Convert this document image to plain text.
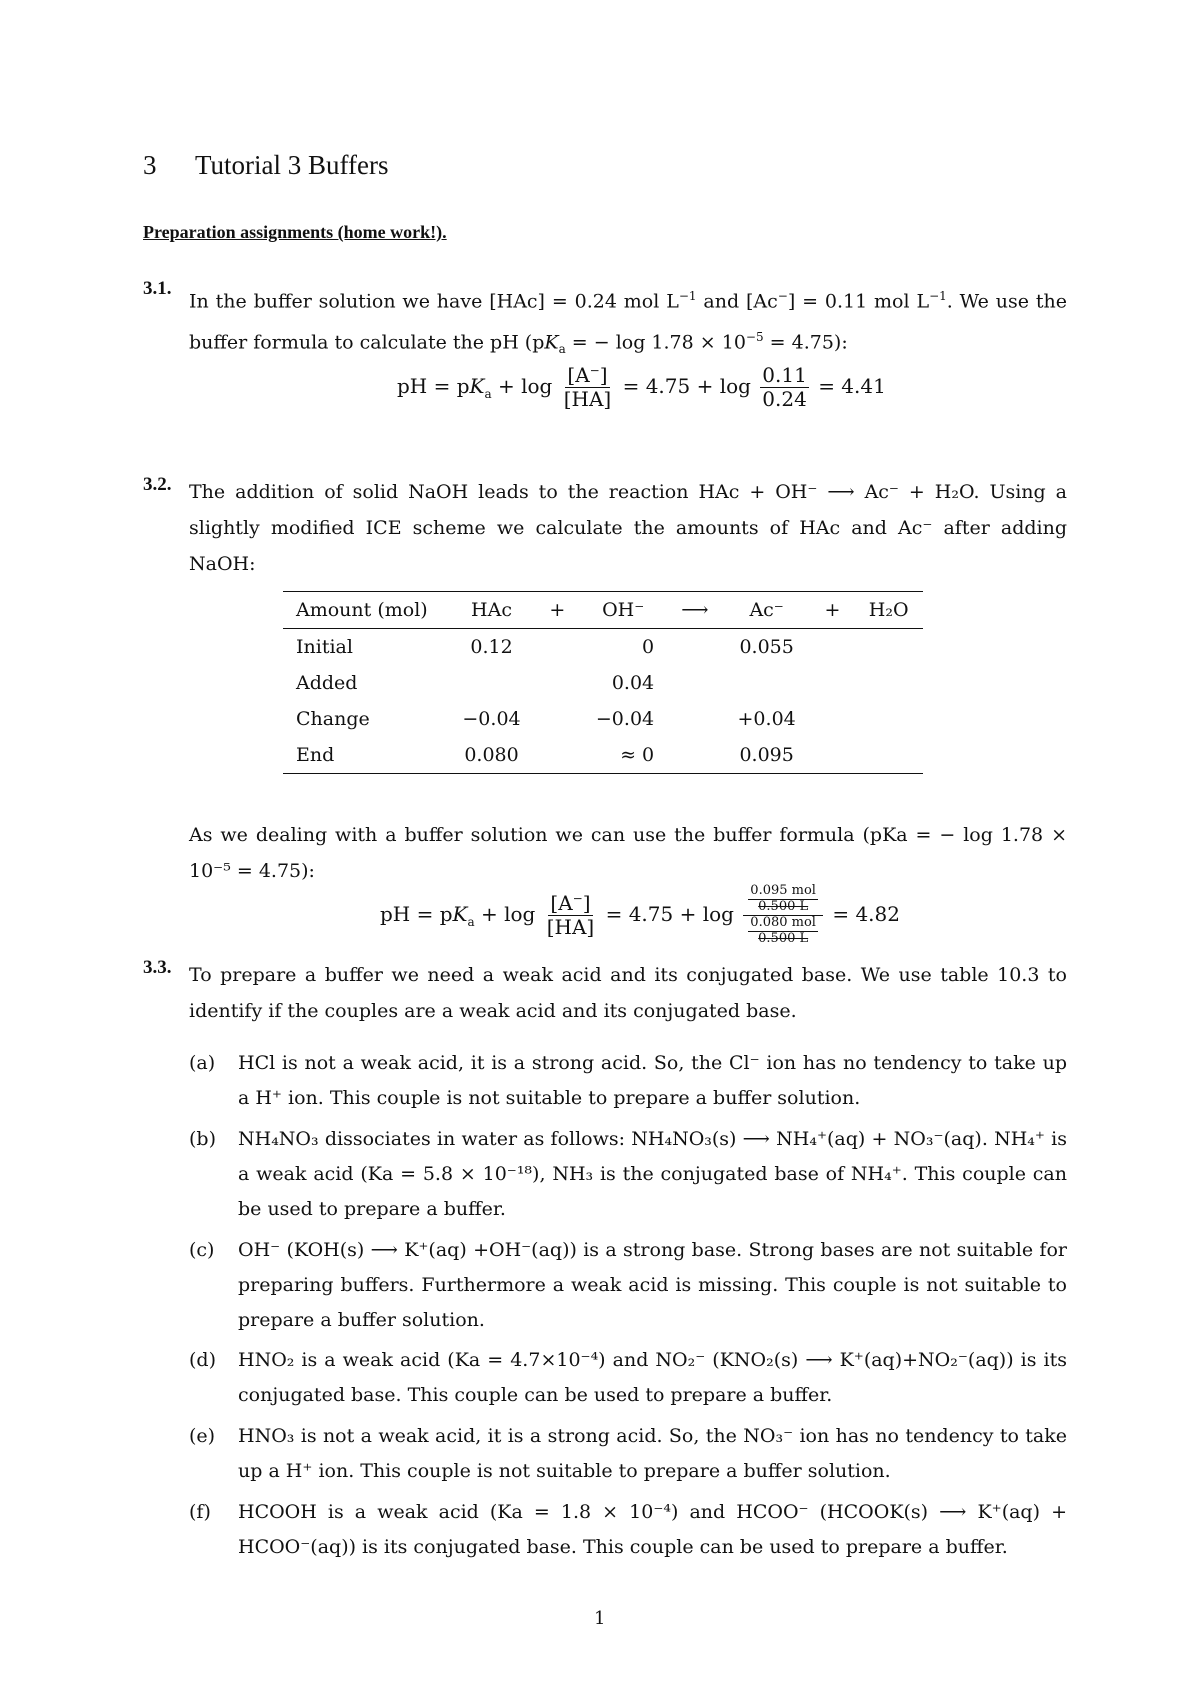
3 Tutorial 3 Buffers
Preparation assignments (home work!).
3.1.
In the buffer solution we have [HAc] = 0.24 mol $L^{-1}$ and [Ac−] = 0.11 mol $L^{-1}$. We use the buffer formula to calculate the pH ($pK_a$ = − $\log 1.78 \times 10^{-5} = 4.75$):
pH = $pK_a + \log \frac{[A^-]}{[HA]} = 4.75 + \log \frac{0.11}{0.24} = 4.41$
3.2. The addition of solid NaOH leads to the reaction HAc + OH⁻ ⟶ Ac⁻ + H₂O. Using a slightly modified ICE scheme we calculate the amounts of HAc and Ac⁻ after adding NaOH:
Amount (mol)	HAc	+	OH⁻	⟶	Ac⁻	+	H₂O
Initial	0.12		0		0.055		
Added			0.04				
Change	−0.04		−0.04		+0.04		
End	0.080		≈ 0		0.095		
As we dealing with a buffer solution we can use the buffer formula (pKa = − log 1.78 × 10⁻⁵ = 4.75):
pH = $pK_a + \log \frac{[A^-]}{[HA]} = 4.75 + \log \frac{\frac{\text{0.095 mol}}{0.500 L}}{\frac{\text{0.080 mol}}{0.500 L}} = 4.82$
3.3. To prepare a buffer we need a weak acid and its conjugated base. We use table 10.3 to identify if the couples are a weak acid and its conjugated base.
(a) HCl is not a weak acid, it is a strong acid. So, the Cl⁻ ion has no tendency to take up a H⁺ ion. This couple is not suitable to prepare a buffer solution.
(b) NH₄NO₃ dissociates in water as follows: NH₄NO₃(s) ⟶ NH₄⁺(aq) + NO₃⁻(aq). NH₄⁺ is a weak acid (Ka = 5.8 × 10⁻¹⁸), NH₃ is the conjugated base of NH₄⁺. This couple can be used to prepare a buffer.
(c) OH⁻ (KOH(s) ⟶ K⁺(aq) +OH⁻(aq)) is a strong base. Strong bases are not suitable for preparing buffers. Furthermore a weak acid is missing. This couple is not suitable to prepare a buffer solution.
(d) HNO₂ is a weak acid (Ka = 4.7×10⁻⁴) and NO₂⁻ (KNO₂(s) ⟶ K⁺(aq)+NO₂⁻(aq)) is its conjugated base. This couple can be used to prepare a buffer.
(e) HNO₃ is not a weak acid, it is a strong acid. So, the NO₃⁻ ion has no tendency to take up a H⁺ ion. This couple is not suitable to prepare a buffer solution.
(f) HCOOH is a weak acid (Ka = 1.8 × 10⁻⁴) and HCOO⁻ (HCOOK(s) ⟶ K⁺(aq) + HCOO⁻(aq)) is its conjugated base. This couple can be used to prepare a buffer.
1
